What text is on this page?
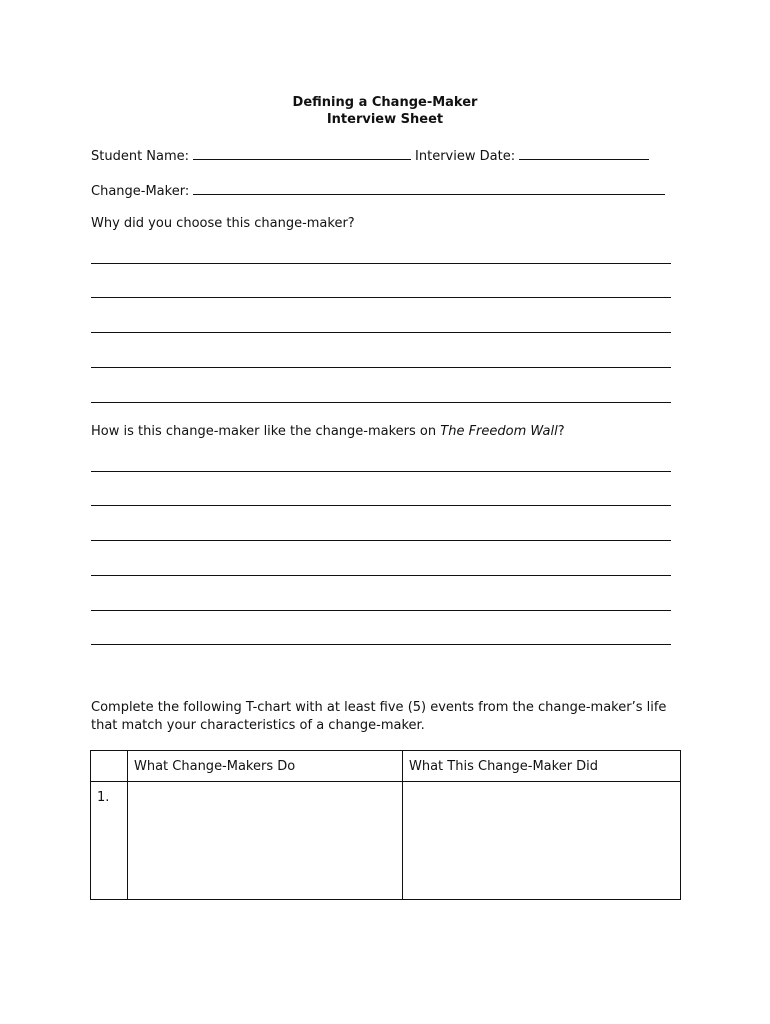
Defining a Change-Maker
Interview Sheet
Student Name:	Interview Date:
Change-Maker:
Why did you choose this change-maker?
How is this change-maker like the change-makers on The Freedom Wall?
Complete the following T-chart with at least five (5) events from the change-maker’s life that match your characteristics of a change-maker.
	What Change-Makers Do	What This Change-Maker Did
1.		
